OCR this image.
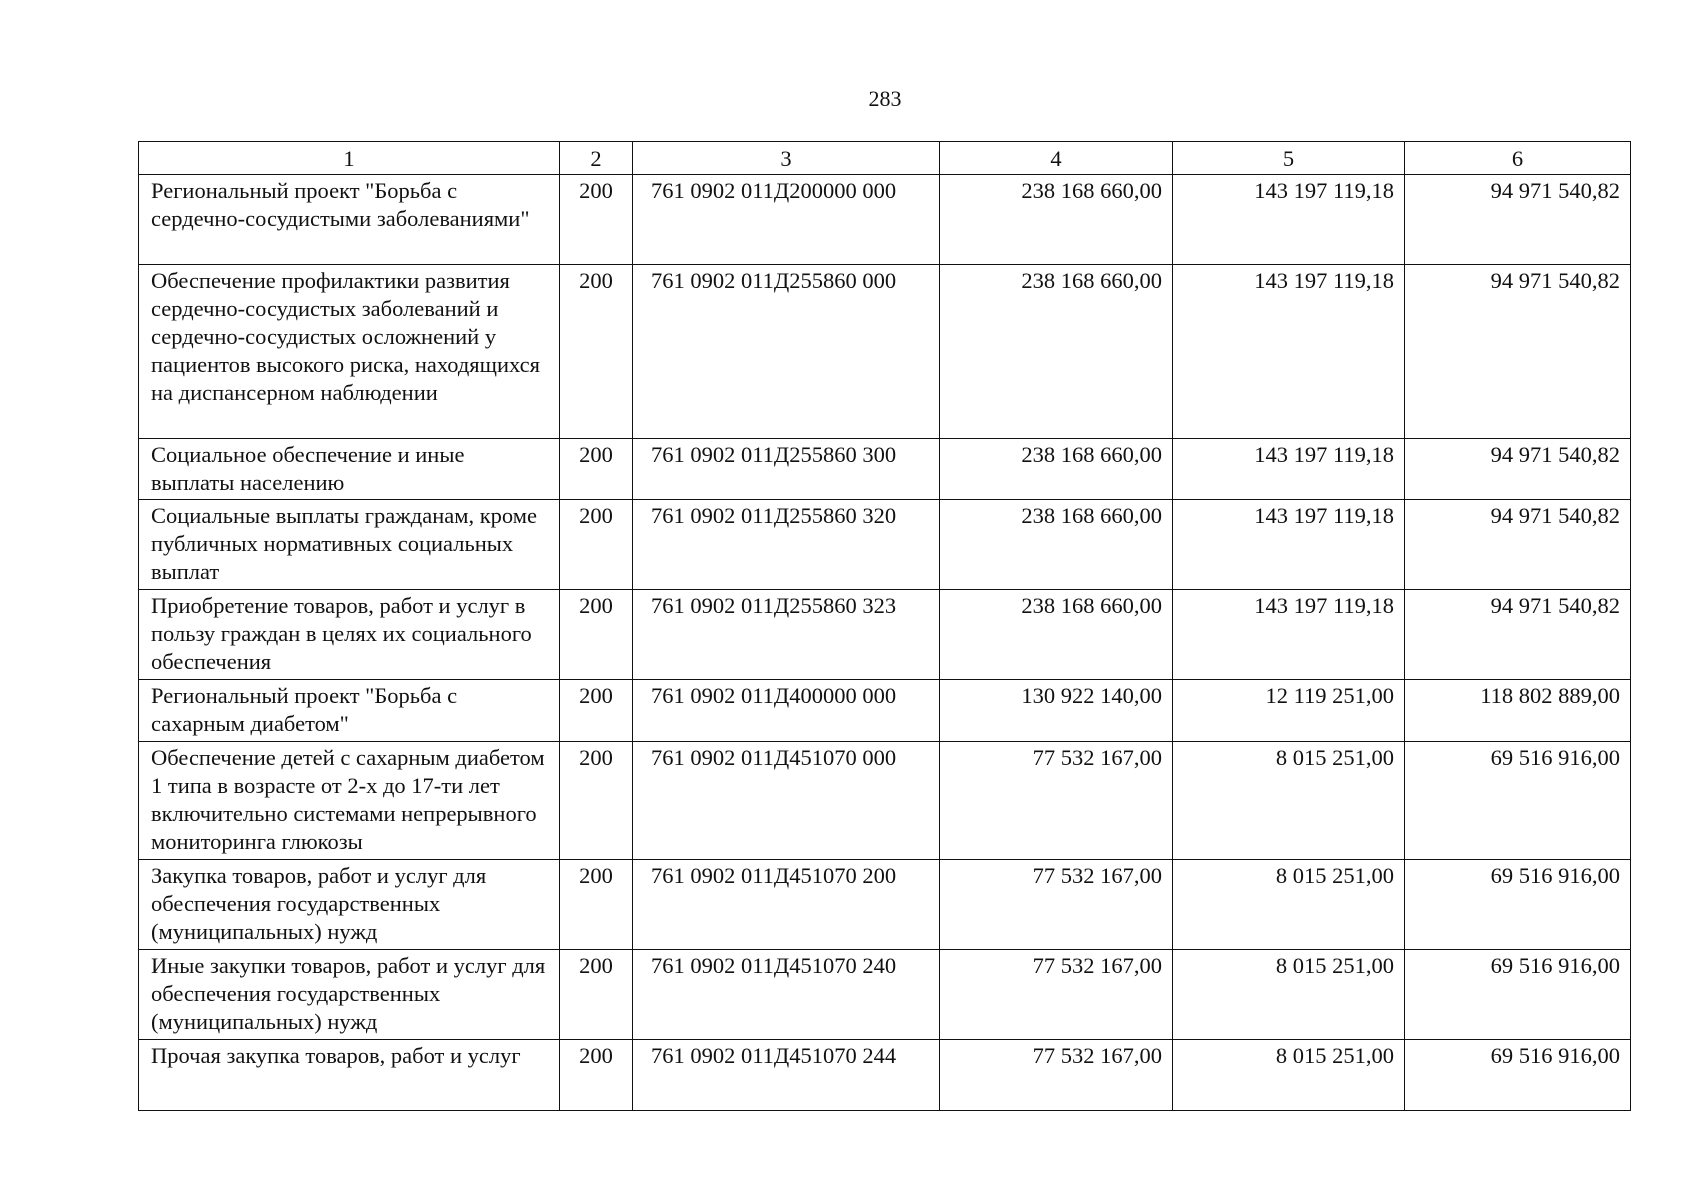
283
1	2	3	4	5	6
Региональный проект "Борьба с сердечно-сосудистыми заболеваниями"	200	761 0902 011Д200000 000	238 168 660,00	143 197 119,18	94 971 540,82
Обеспечение профилактики развития сердечно-сосудистых заболеваний и сердечно-сосудистых осложнений у пациентов высокого риска, находящихся на диспансерном наблюдении	200	761 0902 011Д255860 000	238 168 660,00	143 197 119,18	94 971 540,82
Социальное обеспечение и иные выплаты населению	200	761 0902 011Д255860 300	238 168 660,00	143 197 119,18	94 971 540,82
Социальные выплаты гражданам, кроме публичных нормативных социальных выплат	200	761 0902 011Д255860 320	238 168 660,00	143 197 119,18	94 971 540,82
Приобретение товаров, работ и услуг в пользу граждан в целях их социального обеспечения	200	761 0902 011Д255860 323	238 168 660,00	143 197 119,18	94 971 540,82
Региональный проект "Борьба с сахарным диабетом"	200	761 0902 011Д400000 000	130 922 140,00	12 119 251,00	118 802 889,00
Обеспечение детей с сахарным диабетом 1 типа в возрасте от 2-х до 17-ти лет включительно системами непрерывного мониторинга глюкозы	200	761 0902 011Д451070 000	77 532 167,00	8 015 251,00	69 516 916,00
Закупка товаров, работ и услуг для обеспечения государственных (муниципальных) нужд	200	761 0902 011Д451070 200	77 532 167,00	8 015 251,00	69 516 916,00
Иные закупки товаров, работ и услуг для обеспечения государственных (муниципальных) нужд	200	761 0902 011Д451070 240	77 532 167,00	8 015 251,00	69 516 916,00
Прочая закупка товаров, работ и услуг	200	761 0902 011Д451070 244	77 532 167,00	8 015 251,00	69 516 916,00
